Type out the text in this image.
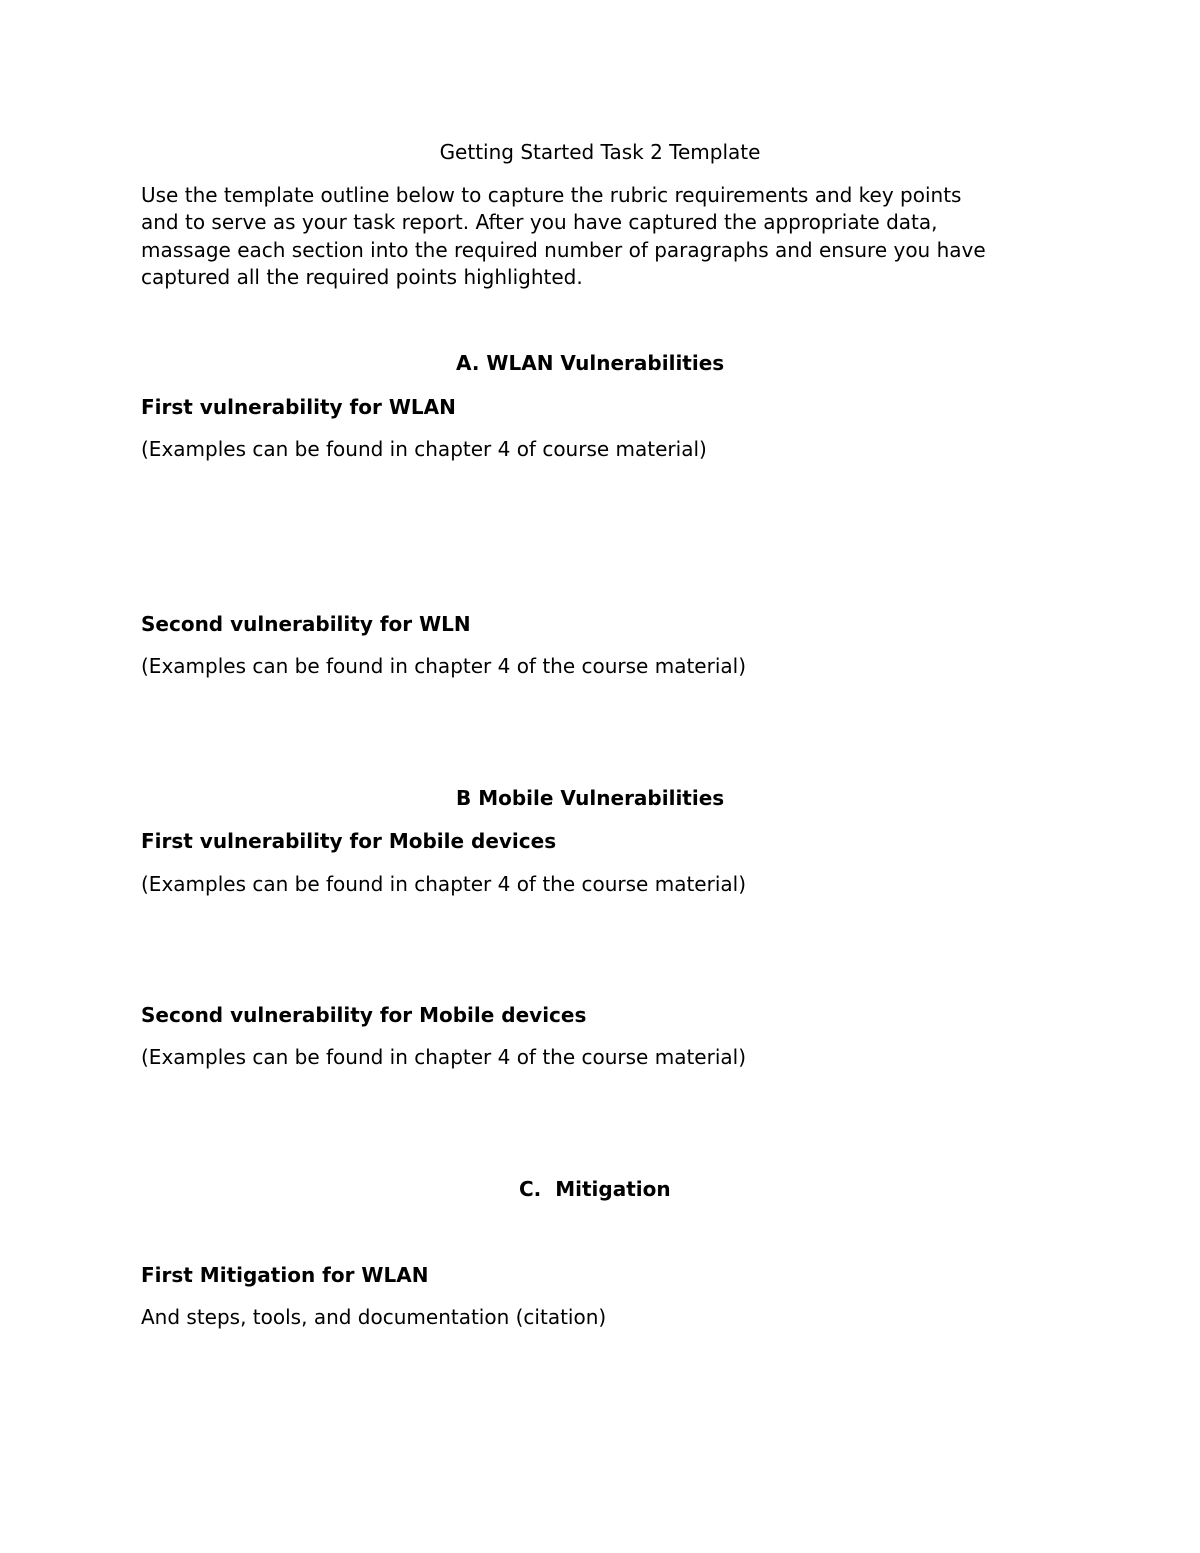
Getting Started Task 2 Template

Use the template outline below to capture the rubric requirements and key points
and to serve as your task report. After you have captured the appropriate data,
massage each section into the required number of paragraphs and ensure you have
captured all the required points highlighted.

A. WLAN Vulnerabilities
First vulnerability for WLAN

(Examples can be found in chapter 4 of course material)

Second vulnerability for WLN

(Examples can be found in chapter 4 of the course material)

B Mobile Vulnerabilities
First vulnerability for Mobile devices

(Examples can be found in chapter 4 of the course material)

Second vulnerability for Mobile devices

(Examples can be found in chapter 4 of the course material)

C.  Mitigation
First Mitigation for WLAN

And steps, tools, and documentation (citation)
